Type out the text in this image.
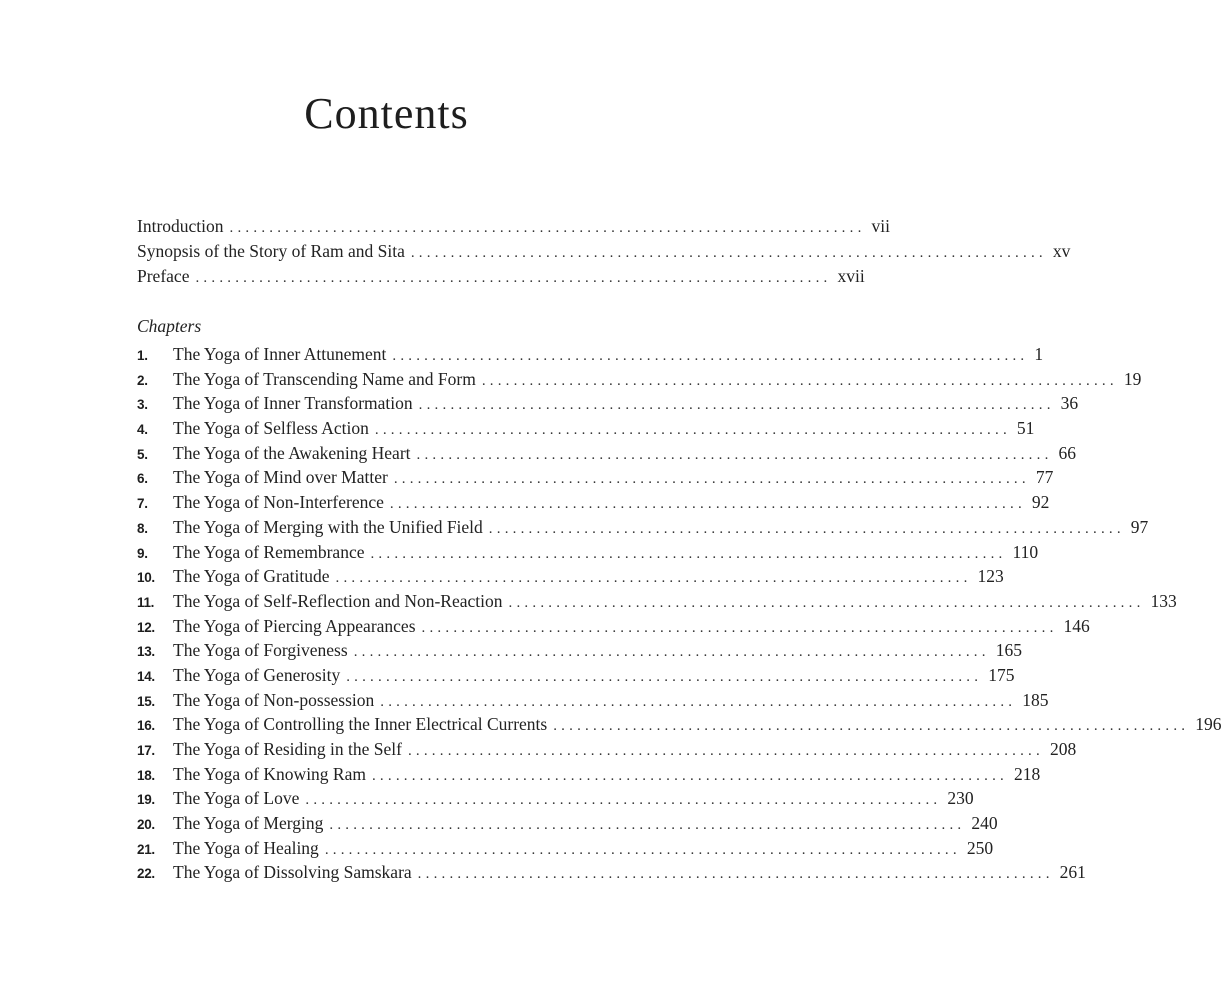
Contents
Introduction ................................................................................ vii
Synopsis of the Story of Ram and Sita ................................................................................ xv
Preface ................................................................................ xvii
Chapters
1.	The Yoga of Inner Attunement ................................................................................ 1
2.	The Yoga of Transcending Name and Form ................................................................................ 19
3.	The Yoga of Inner Transformation ................................................................................ 36
4.	The Yoga of Selfless Action ................................................................................ 51
5.	The Yoga of the Awakening Heart ................................................................................ 66
6.	The Yoga of Mind over Matter ................................................................................ 77
7.	The Yoga of Non-Interference ................................................................................ 92
8.	The Yoga of Merging with the Unified Field ................................................................................ 97
9.	The Yoga of Remembrance ................................................................................ 110
10.	The Yoga of Gratitude ................................................................................ 123
11.	The Yoga of Self-Reflection and Non-Reaction ................................................................................ 133
12.	The Yoga of Piercing Appearances ................................................................................ 146
13.	The Yoga of Forgiveness ................................................................................ 165
14.	The Yoga of Generosity ................................................................................ 175
15.	The Yoga of Non-possession ................................................................................ 185
16.	The Yoga of Controlling the Inner Electrical Currents ................................................................................ 196
17.	The Yoga of Residing in the Self ................................................................................ 208
18.	The Yoga of Knowing Ram ................................................................................ 218
19.	The Yoga of Love ................................................................................ 230
20.	The Yoga of Merging ................................................................................ 240
21.	The Yoga of Healing ................................................................................ 250
22.	The Yoga of Dissolving Samskara ................................................................................ 261
